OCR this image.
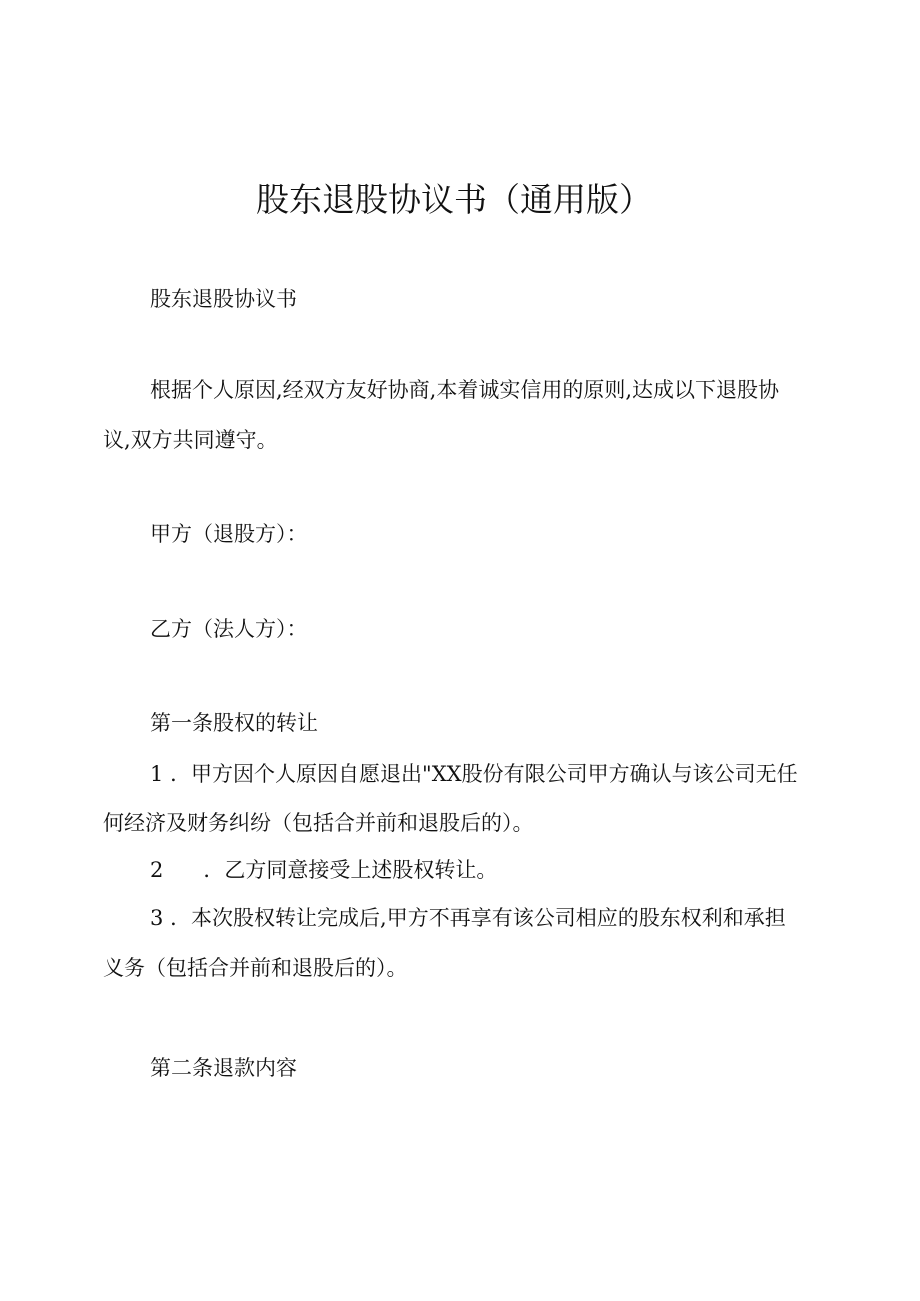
股东退股协议书（通用版）
股东退股协议书
根据个人原因,经双方友好协商,本着诚实信用的原则,达成以下退股协
议,双方共同遵守。
甲方（退股方）：
乙方（法人方）：
第一条股权的转让
1 ．甲方因个人原因自愿退出"XX股份有限公司甲方确认与该公司无任
何经济及财务纠纷（包括合并前和退股后的）。
2 ．乙方同意接受上述股权转让。
3 ．本次股权转让完成后,甲方不再享有该公司相应的股东权利和承担
义务（包括合并前和退股后的）。
第二条退款内容
